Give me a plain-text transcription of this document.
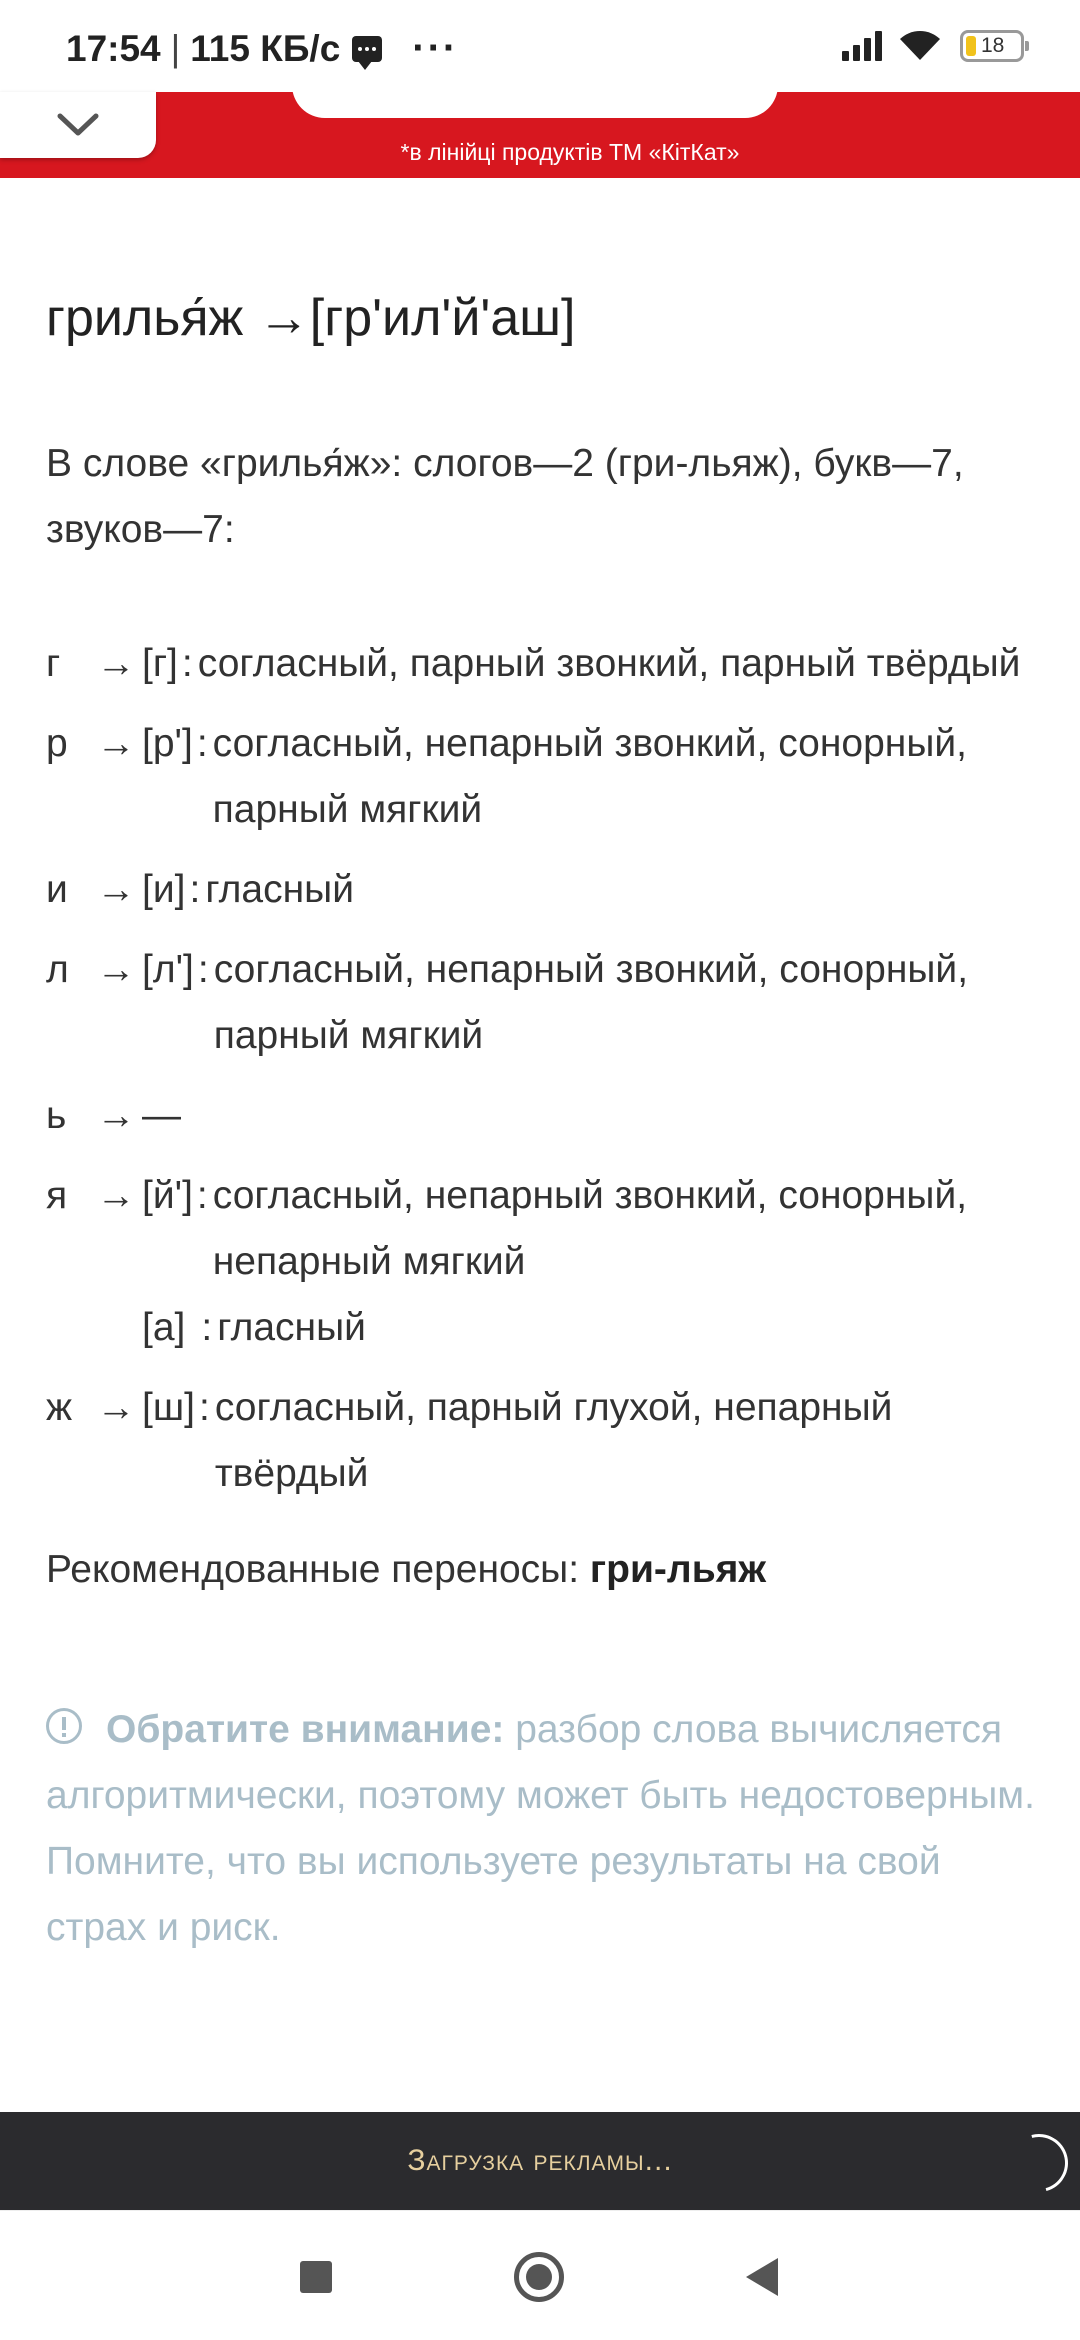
17:54 | 115 КБ/с ···	18
*в лінійці продуктів ТМ «КітКат»
грилья́ж →[гр'ил'й'аш]
В слове «грилья́ж»: слогов—2 (гри-льяж), букв—7, звуков—7:
г → [г] : согласный, парный звонкий, парный твёрдый
р → [р'] : согласный, непарный звонкий, сонорный, парный мягкий
и → [и] : гласный
л → [л'] : согласный, непарный звонкий, сонорный, парный мягкий
ь → —
я → [й'] : согласный, непарный звонкий, сонорный, непарный мягкий
[а] : гласный
ж → [ш] : согласный, парный глухой, непарный твёрдый
Рекомендованные переносы: гри-льяж
Обратите внимание: разбор слова вычисляется алгоритмически, поэтому может быть недостоверным. Помните, что вы используете результаты на свой страх и риск.
Загрузка рекламы...
